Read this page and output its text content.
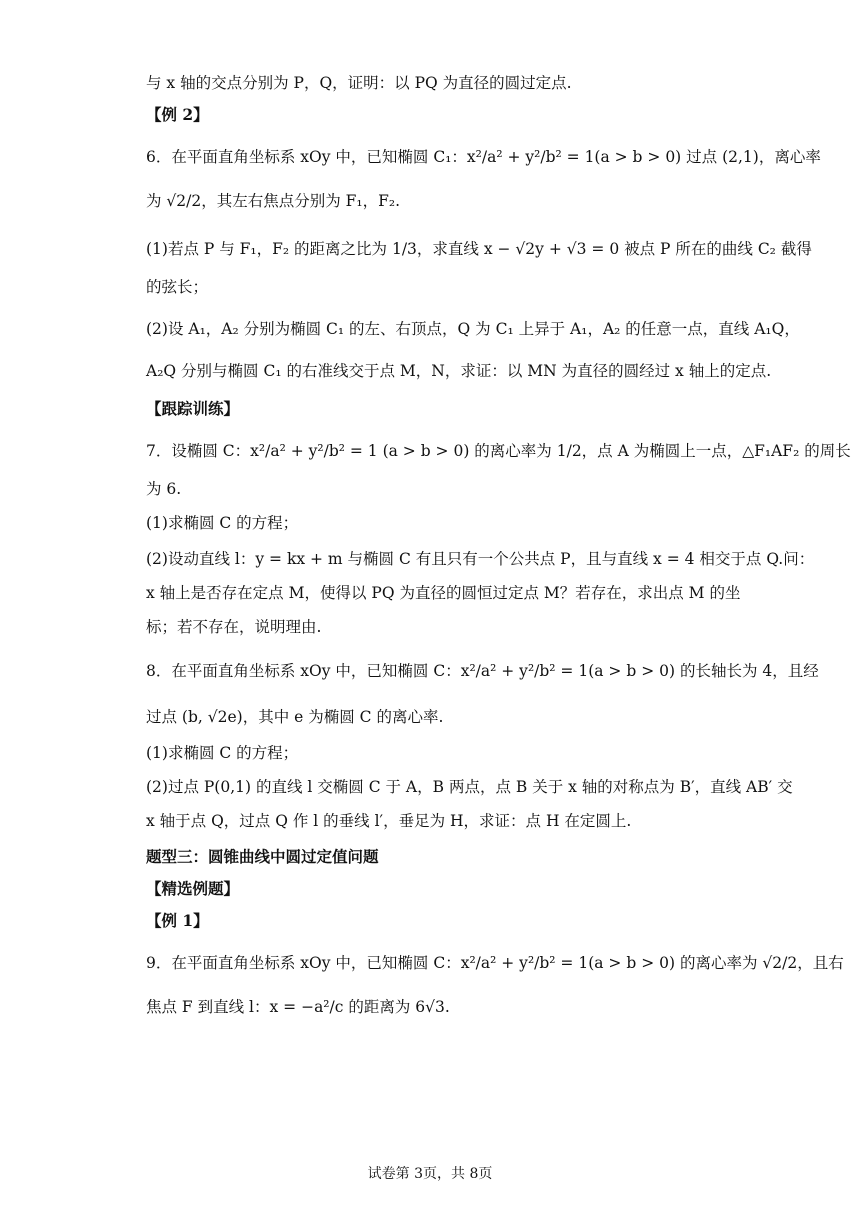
与 x 轴的交点分别为 P，Q，证明：以 PQ 为直径的圆过定点.
【例 2】
6．在平面直角坐标系 xOy 中，已知椭圆 C₁：x²/a² + y²/b² = 1(a > b > 0) 过点 (2,1)，离心率
为 √2/2，其左右焦点分别为 F₁，F₂.
(1)若点 P 与 F₁，F₂ 的距离之比为 1/3，求直线 x − √2y + √3 = 0 被点 P 所在的曲线 C₂ 截得
的弦长；
(2)设 A₁，A₂ 分别为椭圆 C₁ 的左、右顶点，Q 为 C₁ 上异于 A₁，A₂ 的任意一点，直线 A₁Q，
A₂Q 分别与椭圆 C₁ 的右准线交于点 M，N，求证：以 MN 为直径的圆经过 x 轴上的定点.
【跟踪训练】
7．设椭圆 C：x²/a² + y²/b² = 1 (a > b > 0) 的离心率为 1/2，点 A 为椭圆上一点，△F₁AF₂ 的周长
为 6.
(1)求椭圆 C 的方程；
(2)设动直线 l：y = kx + m 与椭圆 C 有且只有一个公共点 P，且与直线 x = 4 相交于点 Q.问：
x 轴上是否存在定点 M，使得以 PQ 为直径的圆恒过定点 M？若存在，求出点 M 的坐
标；若不存在，说明理由.
8．在平面直角坐标系 xOy 中，已知椭圆 C：x²/a² + y²/b² = 1(a > b > 0) 的长轴长为 4，且经
过点 (b, √2e)，其中 e 为椭圆 C 的离心率.
(1)求椭圆 C 的方程；
(2)过点 P(0,1) 的直线 l 交椭圆 C 于 A，B 两点，点 B 关于 x 轴的对称点为 B′，直线 AB′ 交
x 轴于点 Q，过点 Q 作 l 的垂线 l′，垂足为 H，求证：点 H 在定圆上.
题型三：圆锥曲线中圆过定值问题
【精选例题】
【例 1】
9．在平面直角坐标系 xOy 中，已知椭圆 C：x²/a² + y²/b² = 1(a > b > 0) 的离心率为 √2/2，且右
焦点 F 到直线 l：x = −a²/c 的距离为 6√3.
试卷第 3页，共 8页
